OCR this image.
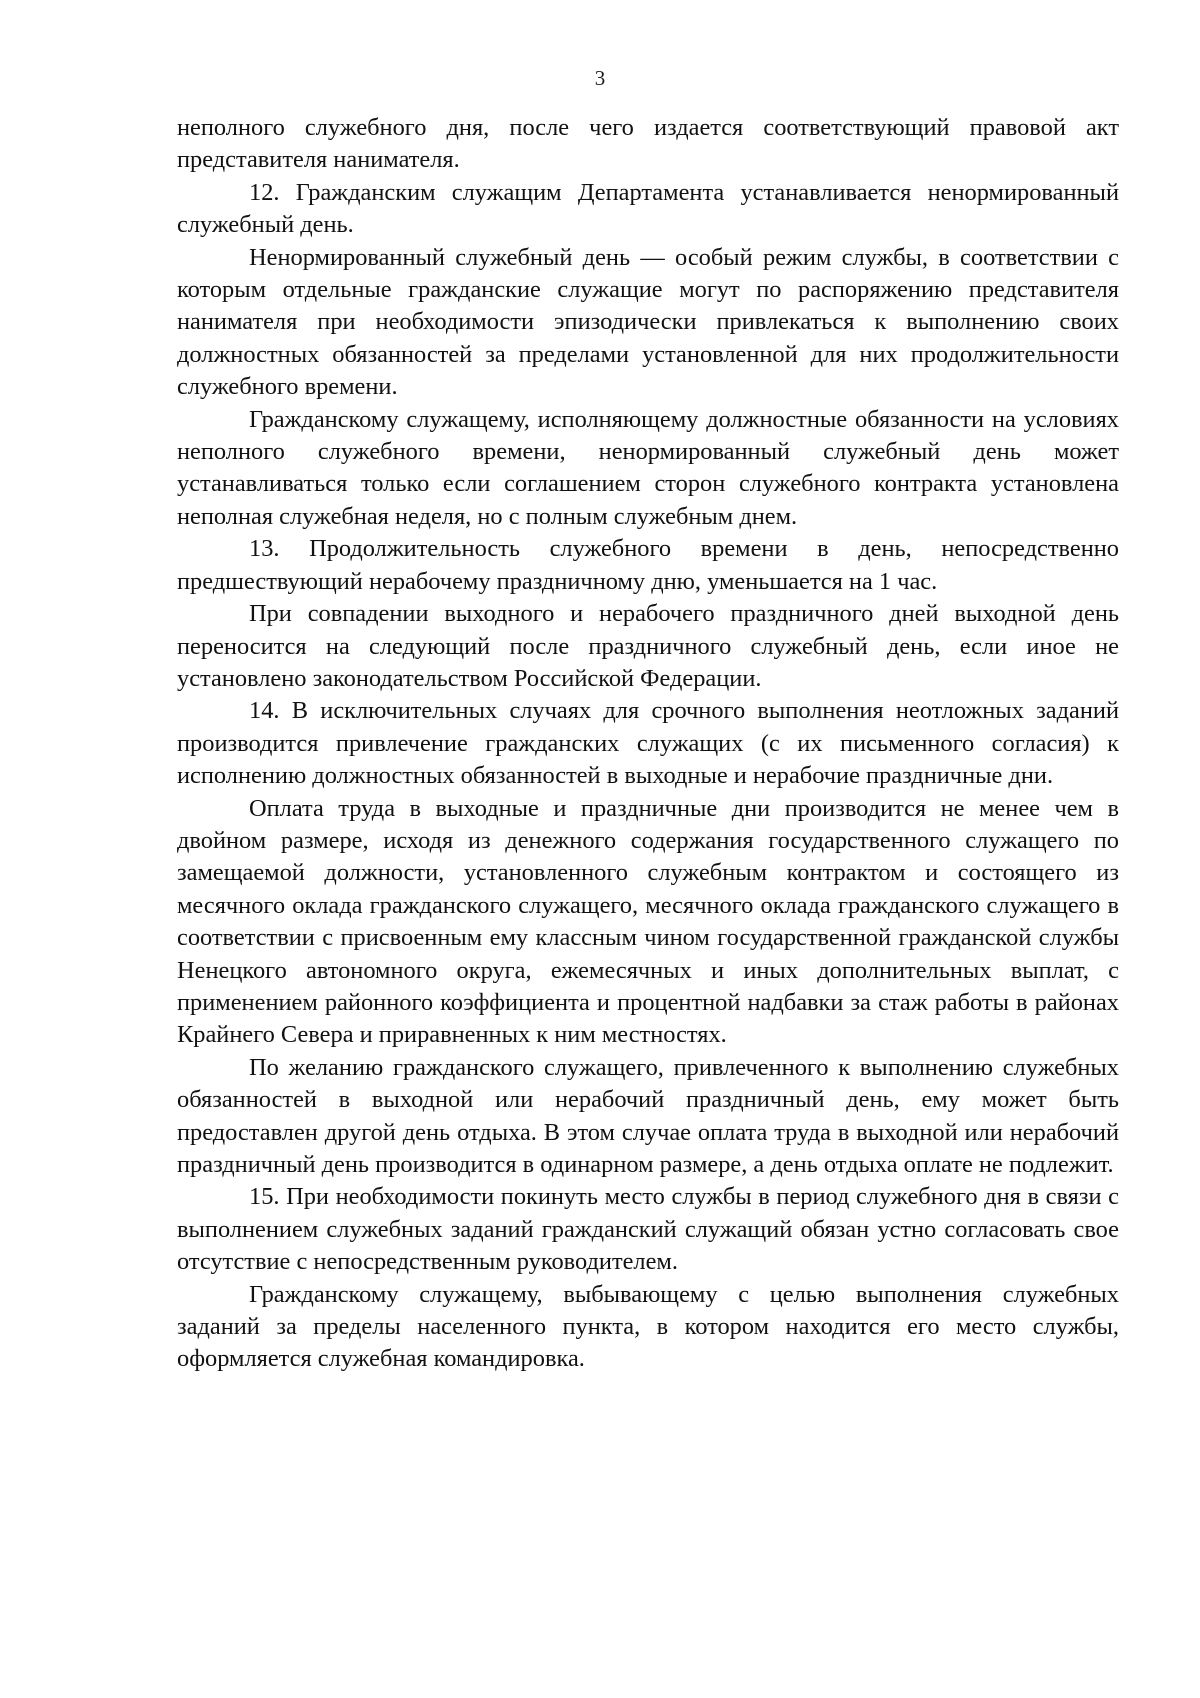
3

неполного служебного дня, после чего издается соответствующий правовой акт представителя нанимателя.

12. Гражданским служащим Департамента устанавливается ненормированный служебный день.

Ненормированный служебный день — особый режим службы, в соответствии с которым отдельные гражданские служащие могут по распоряжению представителя нанимателя при необходимости эпизодически привлекаться к выполнению своих должностных обязанностей за пределами установленной для них продолжительности служебного времени.

Гражданскому служащему, исполняющему должностные обязанности на условиях неполного служебного времени, ненормированный служебный день может устанавливаться только если соглашением сторон служебного контракта установлена неполная служебная неделя, но с полным служебным днем.

13. Продолжительность служебного времени в день, непосредственно предшествующий нерабочему праздничному дню, уменьшается на 1 час.

При совпадении выходного и нерабочего праздничного дней выходной день переносится на следующий после праздничного служебный день, если иное не установлено законодательством Российской Федерации.

14. В исключительных случаях для срочного выполнения неотложных заданий производится привлечение гражданских служащих (с их письменного согласия) к исполнению должностных обязанностей в выходные и нерабочие праздничные дни.

Оплата труда в выходные и праздничные дни производится не менее чем в двойном размере, исходя из денежного содержания государственного служащего по замещаемой должности, установленного служебным контрактом и состоящего из месячного оклада гражданского служащего, месячного оклада гражданского служащего в соответствии с присвоенным ему классным чином государственной гражданской службы Ненецкого автономного округа, ежемесячных и иных дополнительных выплат, с применением районного коэффициента и процентной надбавки за стаж работы в районах Крайнего Севера и приравненных к ним местностях.

По желанию гражданского служащего, привлеченного к выполнению служебных обязанностей в выходной или нерабочий праздничный день, ему может быть предоставлен другой день отдыха. В этом случае оплата труда в выходной или нерабочий праздничный день производится в одинарном размере, а день отдыха оплате не подлежит.

15. При необходимости покинуть место службы в период служебного дня в связи с выполнением служебных заданий гражданский служащий обязан устно согласовать свое отсутствие с непосредственным руководителем.

Гражданскому служащему, выбывающему с целью выполнения служебных заданий за пределы населенного пункта, в котором находится его место службы, оформляется служебная командировка.
